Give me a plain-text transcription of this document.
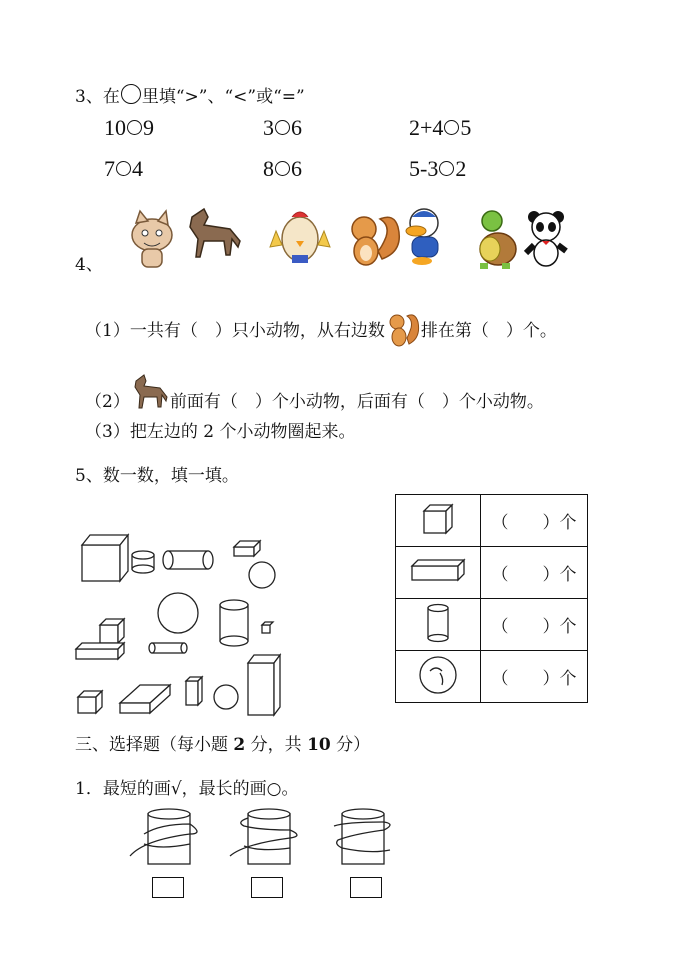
3、在 里填“>”、“<”或“=”
10 9	3 6	2+4 5
7 4	8 6	5-3 2
4、
（1）一共有（　）只小动物，从右边数 排在第（　）个。
（2） 前面有（　）个小动物，后面有（　）个小动物。
（3）把左边的 2 个小动物圈起来。
5、数一数，填一填。
	（　　）个
	（　　）个
	（　　）个
	（　　）个
三、选择题（每小题 2 分，共 10 分）
1．最短的画√，最长的画○。
